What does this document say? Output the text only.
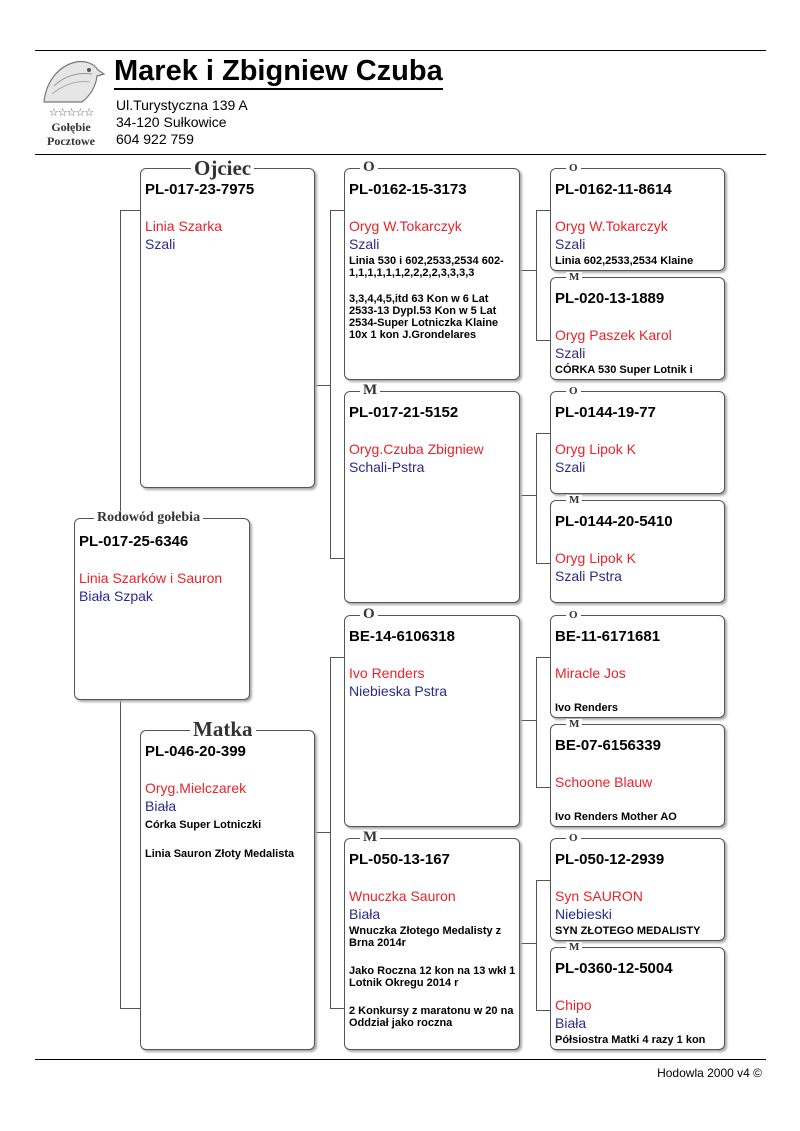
☆☆☆☆☆
Gołębie
Pocztowe
Marek i Zbigniew Czuba
Ul.Turystyczna 139 A
34-120 Sułkowice
604 922 759
PL-017-25-6346
Linia Szarków i Sauron
Biała Szpak
Rodowód gołebia
PL-017-23-7975
Linia Szarka
Szali
Ojciec
PL-046-20-399
Oryg.Mielczarek
Biała
Córka Super Lotniczki
Linia Sauron Złoty Medalista
Matka
PL-0162-15-3173
Oryg W.Tokarczyk
Szali
Linia 530 i 602,2533,2534 602-1,1,1,1,1,1,2,2,2,2,3,3,3,3
3,3,4,4,5,itd 63 Kon w 6 Lat 2533-13 Dypl.53 Kon w 5 Lat 2534-Super Lotniczka Klaine 10x 1 kon J.Grondelares
O
PL-017-21-5152
Oryg.Czuba Zbigniew
Schali-Pstra
M
BE-14-6106318
Ivo Renders
Niebieska Pstra
O
PL-050-13-167
Wnuczka Sauron
Biała
Wnuczka Złotego Medalisty z Brna 2014r
Jako Roczna 12 kon na 13 wkł 1 Lotnik Okregu 2014 r
2 Konkursy z maratonu w 20 na Oddział jako roczna
M
PL-0162-11-8614
Oryg W.Tokarczyk
Szali
Linia 602,2533,2534 Klaine
O
PL-020-13-1889
Oryg Paszek Karol
Szali
CÓRKA 530 Super Lotnik i
M
PL-0144-19-77
Oryg Lipok K
Szali
O
PL-0144-20-5410
Oryg Lipok K
Szali Pstra
M
BE-11-6171681
Miracle Jos
Ivo Renders
O
BE-07-6156339
Schoone Blauw
Ivo Renders Mother AO
M
PL-050-12-2939
Syn SAURON
Niebieski
SYN ZŁOTEGO MEDALISTY
O
PL-0360-12-5004
Chipo
Biała
Półsiostra Matki 4 razy 1 kon
M
Hodowla 2000 v4 ©
